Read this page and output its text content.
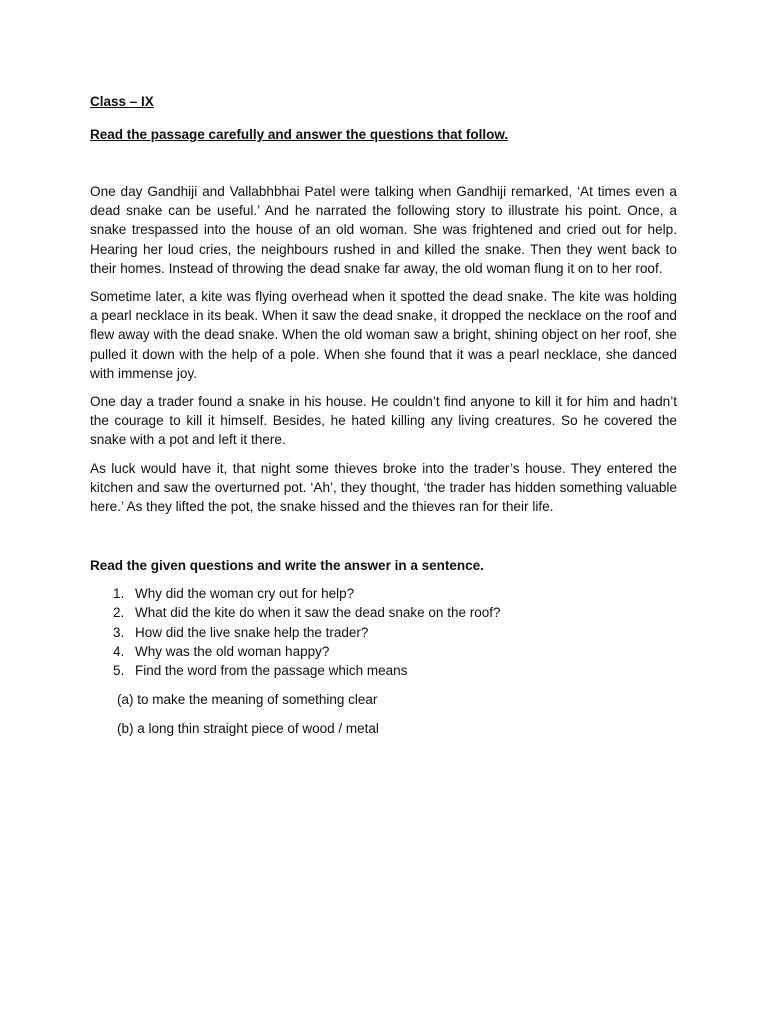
Class – IX
Read the passage carefully and answer the questions that follow.

One day Gandhiji and Vallabhbhai Patel were talking when Gandhiji remarked, ‘At times even a dead snake can be useful.’ And he narrated the following story to illustrate his point. Once, a snake trespassed into the house of an old woman. She was frightened and cried out for help. Hearing her loud cries, the neighbours rushed in and killed the snake. Then they went back to their homes. Instead of throwing the dead snake far away, the old woman flung it on to her roof.

Sometime later, a kite was flying overhead when it spotted the dead snake. The kite was holding a pearl necklace in its beak. When it saw the dead snake, it dropped the necklace on the roof and flew away with the dead snake. When the old woman saw a bright, shining object on her roof, she pulled it down with the help of a pole. When she found that it was a pearl necklace, she danced with immense joy.

One day a trader found a snake in his house. He couldn’t find anyone to kill it for him and hadn’t the courage to kill it himself. Besides, he hated killing any living creatures. So he covered the snake with a pot and left it there.

As luck would have it, that night some thieves broke into the trader’s house. They entered the kitchen and saw the overturned pot. ‘Ah’, they thought, ‘the trader has hidden something valuable here.’ As they lifted the pot, the snake hissed and the thieves ran for their life.

Read the given questions and write the answer in a sentence.
1. Why did the woman cry out for help?
2. What did the kite do when it saw the dead snake on the roof?
3. How did the live snake help the trader?
4. Why was the old woman happy?
5. Find the word from the passage which means
(a) to make the meaning of something clear
(b) a long thin straight piece of wood / metal
